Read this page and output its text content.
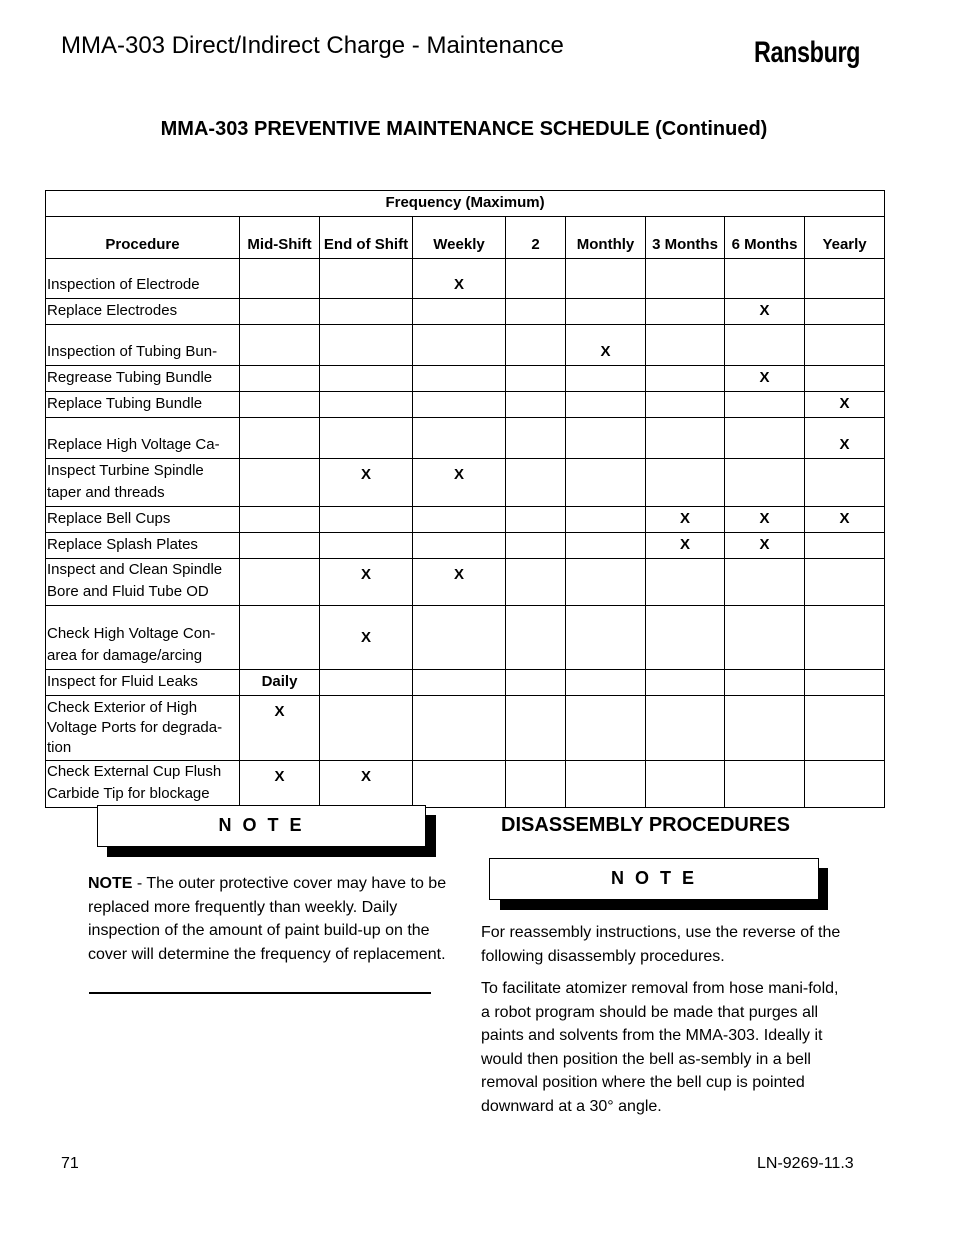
MMA-303 Direct/Indirect Charge - Maintenance	Ransburg
MMA-303 PREVENTIVE MAINTENANCE SCHEDULE (Continued)
Frequency (Maximum)								
Procedure	Mid-Shift	End of Shift	Weekly	2	Monthly	3 Months	6 Months	Yearly
Inspection of Electrode			X					
Replace Electrodes							X	
Inspection of Tubing Bun-					X			
Regrease Tubing Bundle							X	
Replace Tubing Bundle								X
Replace High Voltage Ca-								X
Inspect Turbine Spindle
taper and threads		X	X					
Replace Bell Cups						X	X	X
Replace Splash Plates						X	X	
Inspect and Clean Spindle
Bore and Fluid Tube OD		X	X					
Check High Voltage Con-
area for damage/arcing		X						
Inspect for Fluid Leaks	Daily							
Check Exterior of High
Voltage Ports for degrada-
tion	X							
Check External Cup Flush
Carbide Tip for blockage	X	X						
N O T E
NOTE - The outer protective cover may have to be replaced more frequently than weekly. Daily inspection of the amount of paint build-up on the cover will determine the frequency of replacement.
DISASSEMBLY PROCEDURES
N O T E
For reassembly instructions, use the reverse of the following disassembly procedures.
To facilitate atomizer removal from hose mani-fold, a robot program should be made that purges all paints and solvents from the MMA-303. Ideally it would then position the bell as-sembly in a bell removal position where the bell cup is pointed downward at a 30° angle.
71	LN-9269-11.3
